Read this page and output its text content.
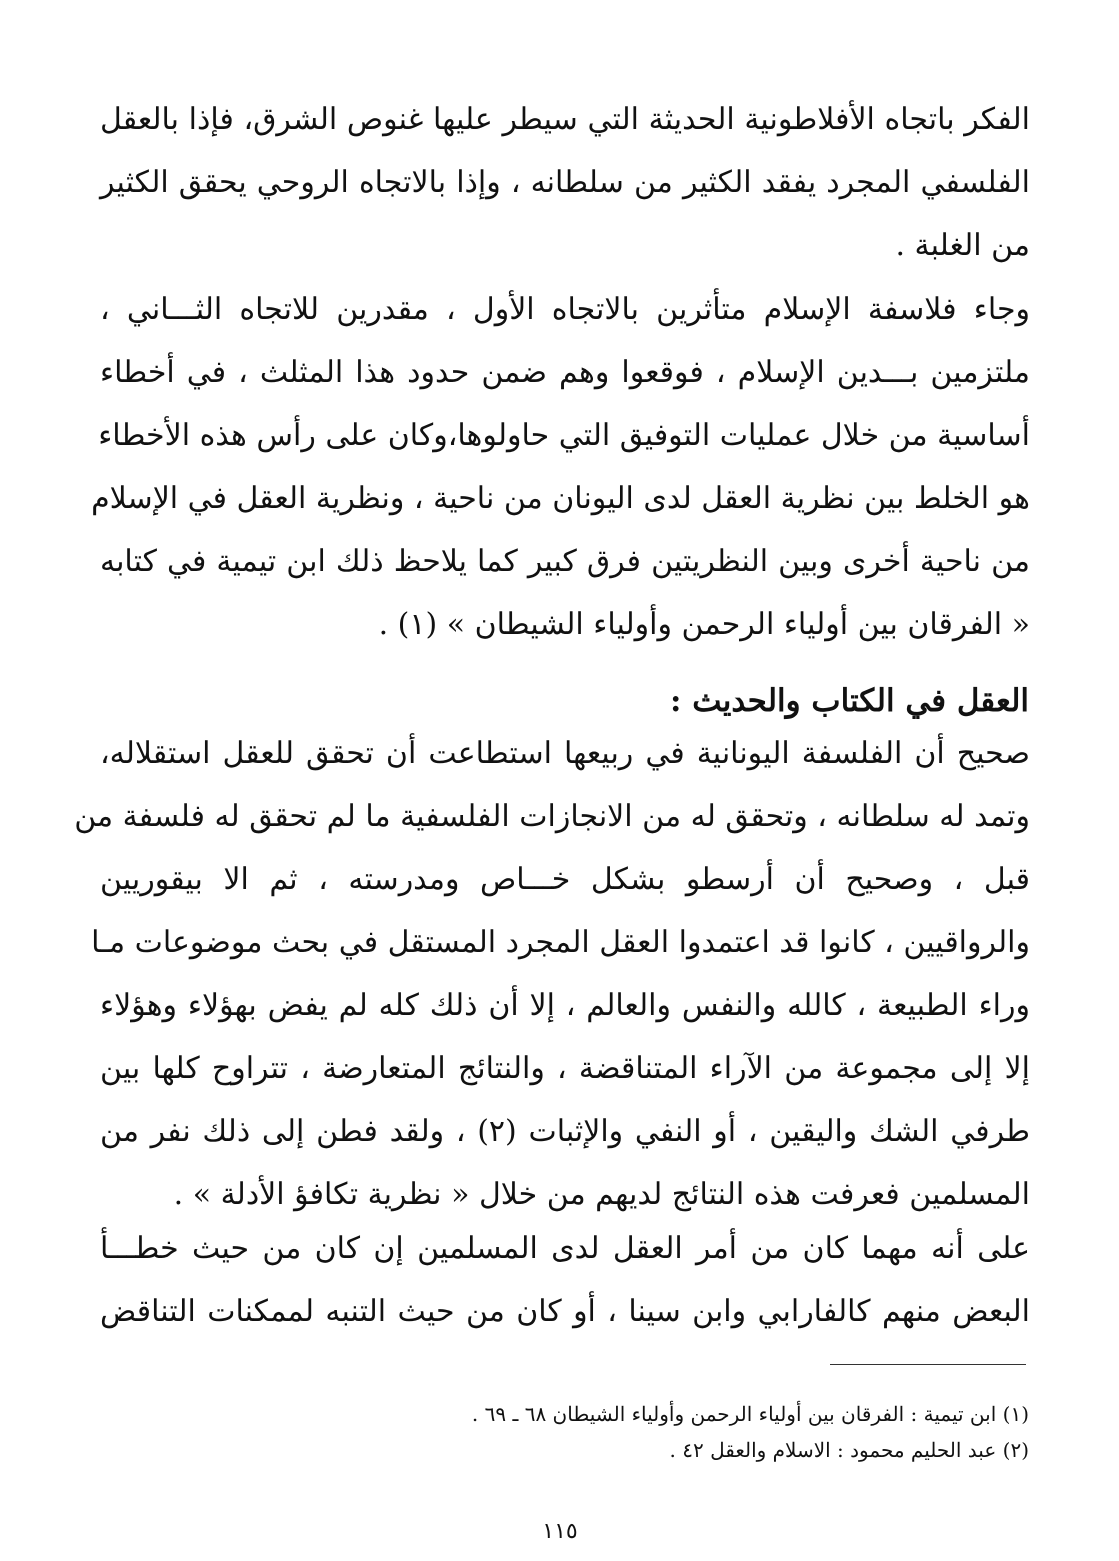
الفكر باتجاه الأفلاطونية الحديثة التي سيطر عليها غنوص الشرق، فإذا بالعقل
الفلسفي المجرد يفقد الكثير من سلطانه ، وإذا بالاتجاه الروحي يحقق الكثير
من الغلبة .
وجاء فلاسفة الإسلام متأثرين بالاتجاه الأول ، مقدرين للاتجاه الثـــاني ،
ملتزمين بـــدين الإسلام ، فوقعوا وهم ضمن حدود هذا المثلث ، في أخطاء
أساسية من خلال عمليات التوفيق التي حاولوها،وكان على رأس هذه الأخطاء
هو الخلط بين نظرية العقل لدى اليونان من ناحية ، ونظرية العقل في الإسلام
من ناحية أخرى وبين النظريتين فرق كبير كما يلاحظ ذلك ابن تيمية في كتابه
« الفرقان بين أولياء الرحمن وأولياء الشيطان » (١) .
العقل في الكتاب والحديث :
صحيح أن الفلسفة اليونانية في ربيعها استطاعت أن تحقق للعقل استقلاله،
وتمد له سلطانه ، وتحقق له من الانجازات الفلسفية ما لم تحقق له فلسفة من
قبل ، وصحيح أن أرسطو بشكل خـــاص ومدرسته ، ثم الا بيقوريين
والرواقيين ، كانوا قد اعتمدوا العقل المجرد المستقل في بحث موضوعات مـا
وراء الطبيعة ، كالله والنفس والعالم ، إلا أن ذلك كله لم يفض بهؤلاء وهؤلاء
إلا إلى مجموعة من الآراء المتناقضة ، والنتائج المتعارضة ، تتراوح كلها بين
طرفي الشك واليقين ، أو النفي والإثبات (٢) ، ولقد فطن إلى ذلك نفر من
المسلمين فعرفت هذه النتائج لديهم من خلال « نظرية تكافؤ الأدلة » .
على أنه مهما كان من أمر العقل لدى المسلمين إن كان من حيث خطـــأ
البعض منهم كالفارابي وابن سينا ، أو كان من حيث التنبه لممكنات التناقض
(١) ابن تيمية : الفرقان بين أولياء الرحمن وأولياء الشيطان ٦٨ ـ ٦٩ .
(٢) عبد الحليم محمود : الاسلام والعقل ٤٢ .
١١٥
